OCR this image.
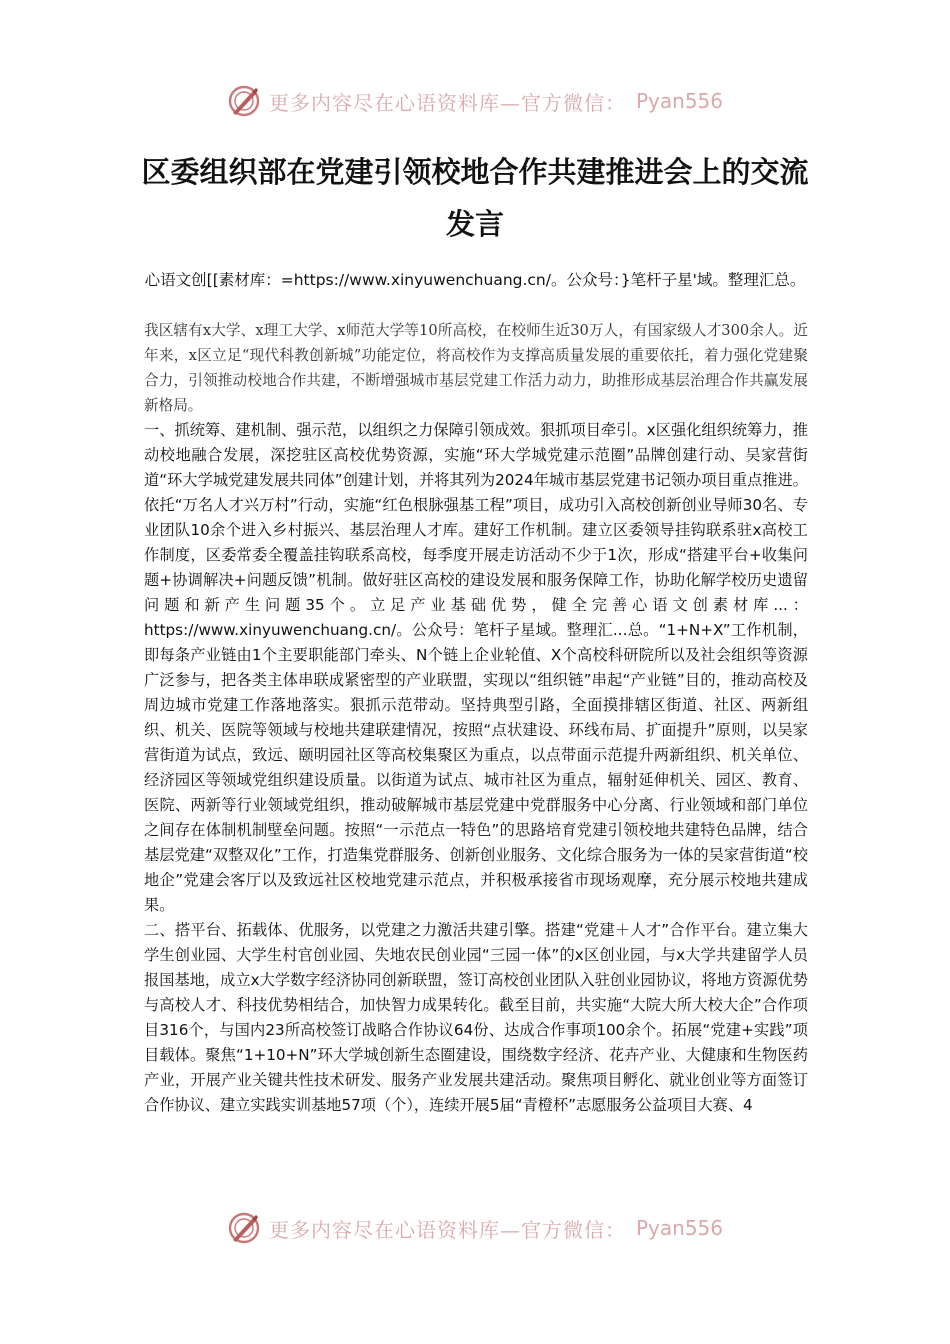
更多内容尽在心语资料库—官方微信： Pyan556
区委组织部在党建引领校地合作共建推进会上的交流发言
心语文创[[素材库：=https://www.xinyuwenchuang.cn/。公众号：}笔杆子星'域。整理汇总。

我区辖有x大学、x理工大学、x师范大学等10所高校，在校师生近30万人，有国家级人才300余人。近年来，x区立足“现代科教创新城”功能定位，将高校作为支撑高质量发展的重要依托，着力强化党建聚合力，引领推动校地合作共建，不断增强城市基层党建工作活力动力，助推形成基层治理合作共赢发展新格局。

一、抓统筹、建机制、强示范，以组织之力保障引领成效。狠抓项目牵引。x区强化组织统筹力，推动校地融合发展，深挖驻区高校优势资源，实施“环大学城党建示范圈”品牌创建行动、吴家营街道“环大学城党建发展共同体”创建计划，并将其列为2024年城市基层党建书记领办项目重点推进。依托“万名人才兴万村”行动，实施“红色根脉强基工程”项目，成功引入高校创新创业导师30名、专业团队10余个进入乡村振兴、基层治理人才库。建好工作机制。建立区委领导挂钩联系驻x高校工作制度，区委常委全覆盖挂钩联系高校，每季度开展走访活动不少于1次，形成“搭建平台+收集问题+协调解决+问题反馈”机制。做好驻区高校的建设发展和服务保障工作，协助化解学校历史遗留问题和新产生问题35个。立足产业基础优势，健全完善心语文创素材库...：https://www.xinyuwenchuang.cn/。公众号：笔杆子星域。整理汇...总。“1+N+X”工作机制，即每条产业链由1个主要职能部门牵头、N个链上企业轮值、X个高校科研院所以及社会组织等资源广泛参与，把各类主体串联成紧密型的产业联盟，实现以“组织链”串起“产业链”目的，推动高校及周边城市党建工作落地落实。狠抓示范带动。坚持典型引路，全面摸排辖区街道、社区、两新组织、机关、医院等领域与校地共建联建情况，按照“点状建设、环线布局、扩面提升”原则，以吴家营街道为试点，致远、颐明园社区等高校集聚区为重点，以点带面示范提升两新组织、机关单位、经济园区等领域党组织建设质量。以街道为试点、城市社区为重点，辐射延伸机关、园区、教育、医院、两新等行业领域党组织，推动破解城市基层党建中党群服务中心分离、行业领域和部门单位之间存在体制机制壁垒问题。按照“一示范点一特色”的思路培育党建引领校地共建特色品牌，结合基层党建“双整双化”工作，打造集党群服务、创新创业服务、文化综合服务为一体的吴家营街道“校地企”党建会客厅以及致远社区校地党建示范点，并积极承接省市现场观摩，充分展示校地共建成果。

二、搭平台、拓载体、优服务，以党建之力激活共建引擎。搭建“党建＋人才”合作平台。建立集大学生创业园、大学生村官创业园、失地农民创业园“三园一体”的x区创业园，与x大学共建留学人员报国基地，成立x大学数字经济协同创新联盟，签订高校创业团队入驻创业园协议，将地方资源优势与高校人才、科技优势相结合，加快智力成果转化。截至目前，共实施“大院大所大校大企”合作项目316个，与国内23所高校签订战略合作协议64份、达成合作事项100余个。拓展“党建+实践”项目载体。聚焦“1+10+N”环大学城创新生态圈建设，围绕数字经济、花卉产业、大健康和生物医药产业，开展产业关键共性技术研发、服务产业发展共建活动。聚焦项目孵化、就业创业等方面签订合作协议、建立实践实训基地57项（个），连续开展5届“青橙杯”志愿服务公益项目大赛、4

更多内容尽在心语资料库—官方微信： Pyan556
